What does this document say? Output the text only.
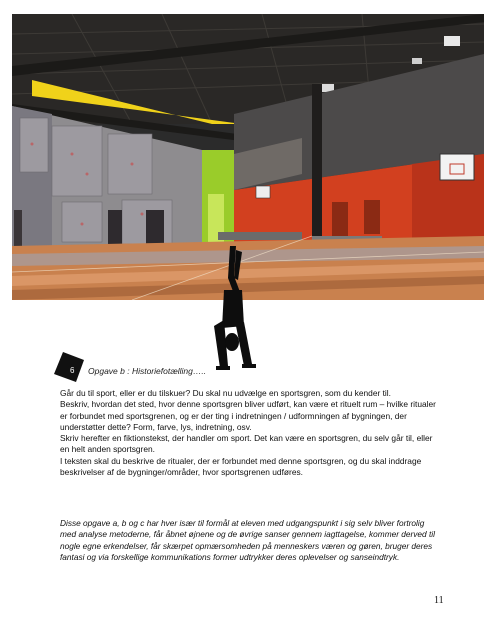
6 Opgave b : Historiefotælling…..

Går du til sport, eller er du tilskuer? Du skal nu udvælge en sportsgren, som du kender til.

Beskriv, hvordan det sted, hvor denne sportsgren bliver udført, kan være et rituelt rum – hvilke ritualer er forbundet med sportsgrenen, og er der ting i indretningen / udformningen af bygningen, der understøtter dette? Form, farve, lys, indretning, osv.

Skriv herefter en fiktionstekst, der handler om sport. Det kan være en sportsgren, du selv går til, eller en helt anden sportsgren.

I teksten skal du beskrive de ritualer, der er forbundet med denne sportsgren, og du skal inddrage beskrivelser af de bygninger/områder, hvor sportsgrenen udføres.

Disse opgave a, b og c har hver især til formål at eleven med udgangspunkt i sig selv bliver fortrolig med analyse metoderne, får åbnet øjnene og de øvrige sanser gennem iagttagelse, kommer derved til nogle egne erkendelser, får skærpet opmærsomheden på menneskers væren og gøren, bruger deres fantasi og via forskellige kommunikations former udtrykker deres oplevelser og sanseindtryk.
11
